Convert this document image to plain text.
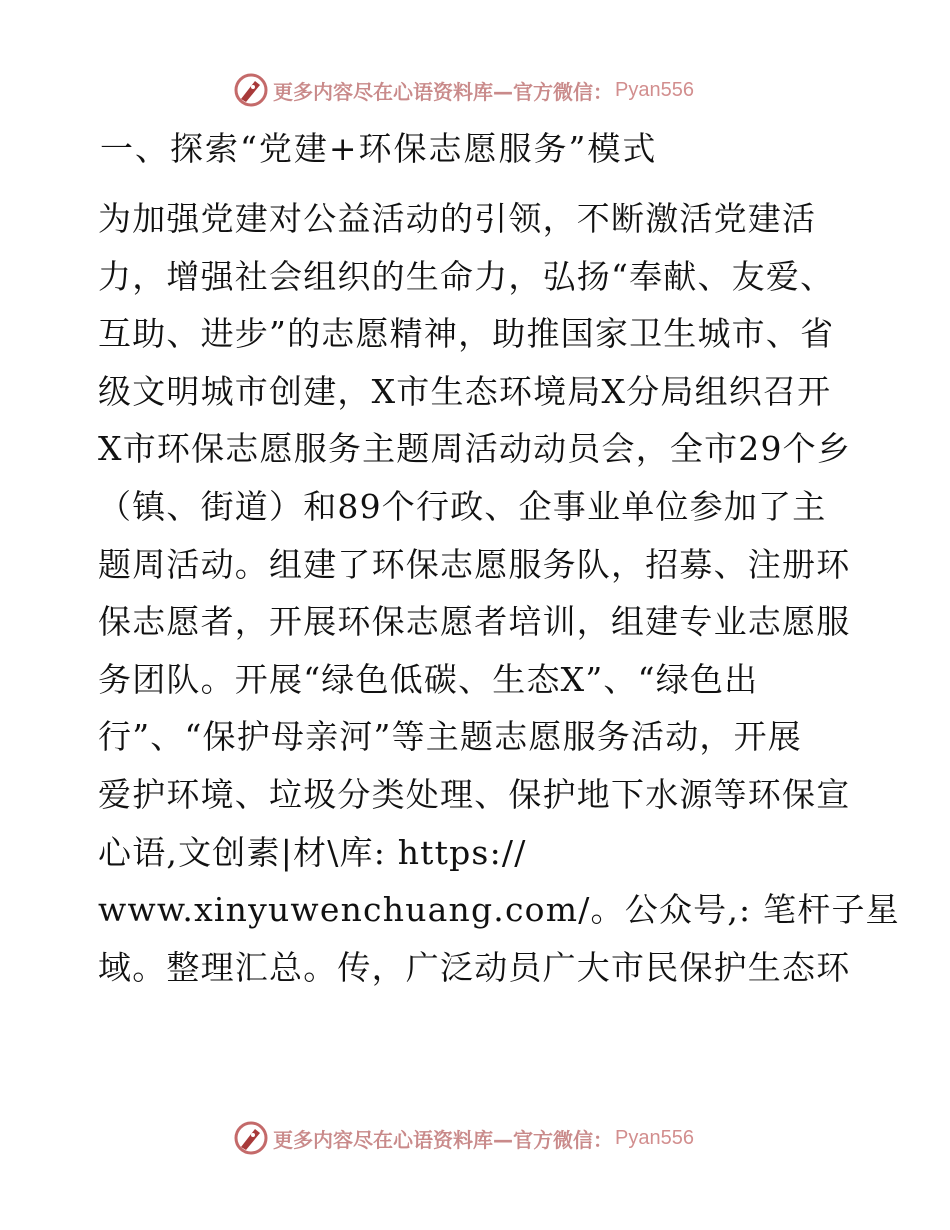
更多内容尽在心语资料库—官方微信： Pyan556
一、探索“党建+环保志愿服务”模式
为加强党建对公益活动的引领，不断激活党建活
力，增强社会组织的生命力，弘扬“奉献、友爱、
互助、进步”的志愿精神，助推国家卫生城市、省
级文明城市创建，X市生态环境局X分局组织召开
X市环保志愿服务主题周活动动员会，全市29个乡
（镇、街道）和89个行政、企事业单位参加了主
题周活动。组建了环保志愿服务队，招募、注册环
保志愿者，开展环保志愿者培训，组建专业志愿服
务团队。开展“绿色低碳、生态X”、“绿色出
行”、“保护母亲河”等主题志愿服务活动，开展
爱护环境、垃圾分类处理、保护地下水源等环保宣
心语,文创素|材\库: https://
www.xinyuwenchuang.com/。公众号,: 笔杆子星
域。整理汇总。传，广泛动员广大市民保护生态环
更多内容尽在心语资料库—官方微信： Pyan556
